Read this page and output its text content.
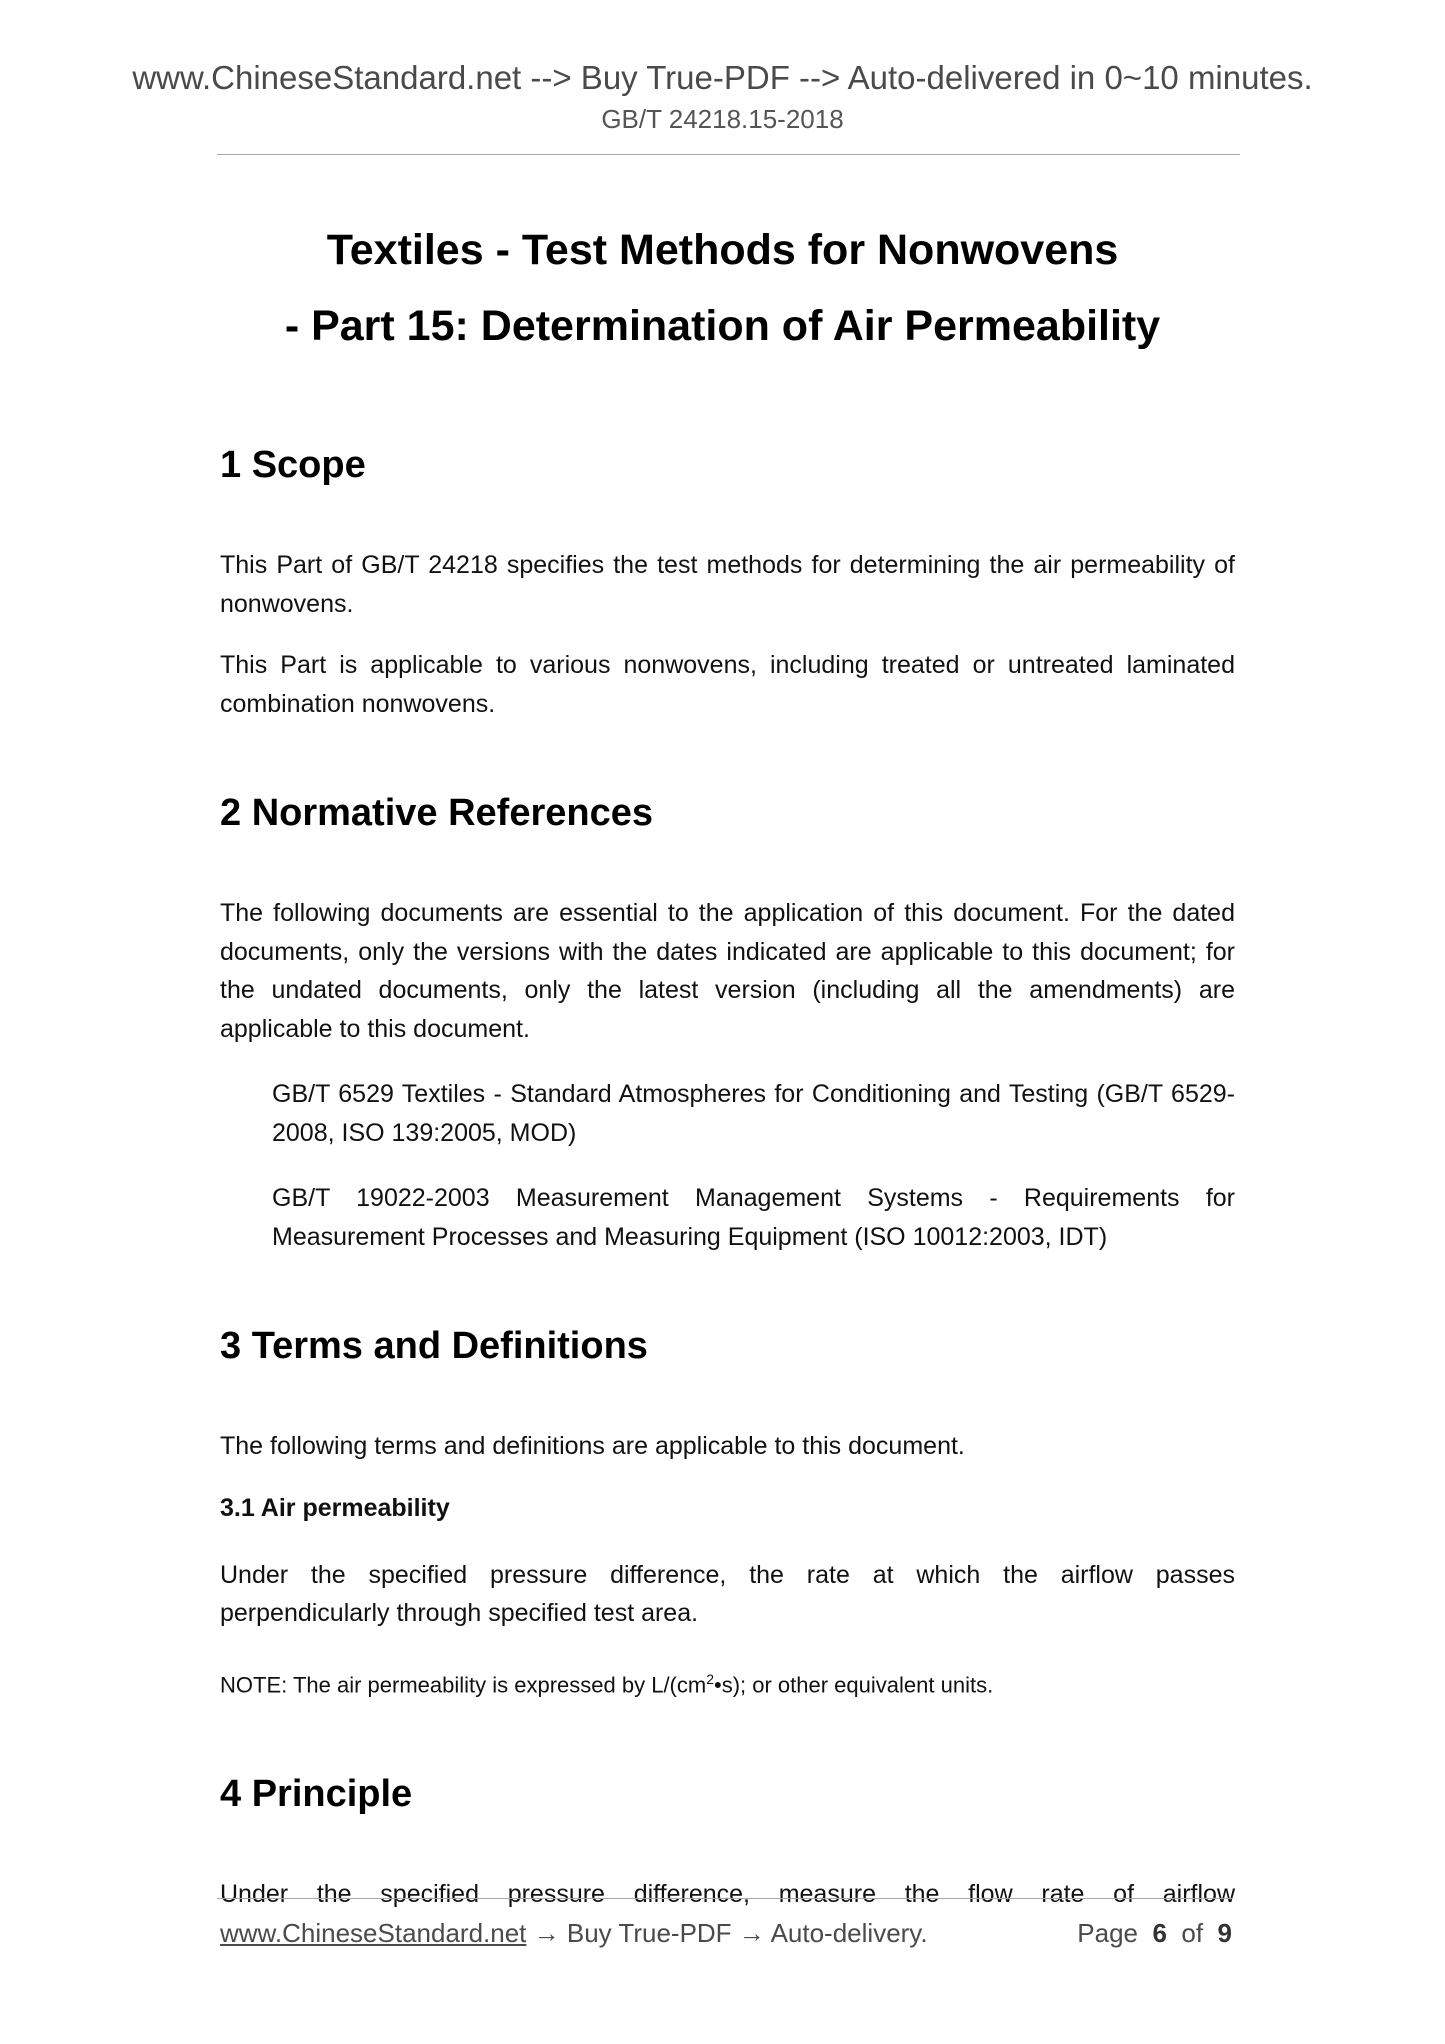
www.ChineseStandard.net --> Buy True-PDF --> Auto-delivered in 0~10 minutes.
GB/T 24218.15-2018
Textiles - Test Methods for Nonwovens
- Part 15: Determination of Air Permeability
1 Scope

This Part of GB/T 24218 specifies the test methods for determining the air permeability of nonwovens.

This Part is applicable to various nonwovens, including treated or untreated laminated combination nonwovens.

2 Normative References

The following documents are essential to the application of this document. For the dated documents, only the versions with the dates indicated are applicable to this document; for the undated documents, only the latest version (including all the amendments) are applicable to this document.

GB/T 6529 Textiles - Standard Atmospheres for Conditioning and Testing (GB/T 6529-2008, ISO 139:2005, MOD)

GB/T 19022-2003 Measurement Management Systems - Requirements for Measurement Processes and Measuring Equipment (ISO 10012:2003, IDT)

3 Terms and Definitions

The following terms and definitions are applicable to this document.

3.1 Air permeability

Under the specified pressure difference, the rate at which the airflow passes perpendicularly through specified test area.

NOTE: The air permeability is expressed by $L/(cm^2•s)$; or other equivalent units.

4 Principle

Under the specified pressure difference, measure the flow rate of airflow

www.ChineseStandard.net → Buy True-PDF → Auto-delivery.	Page 6 of 9
